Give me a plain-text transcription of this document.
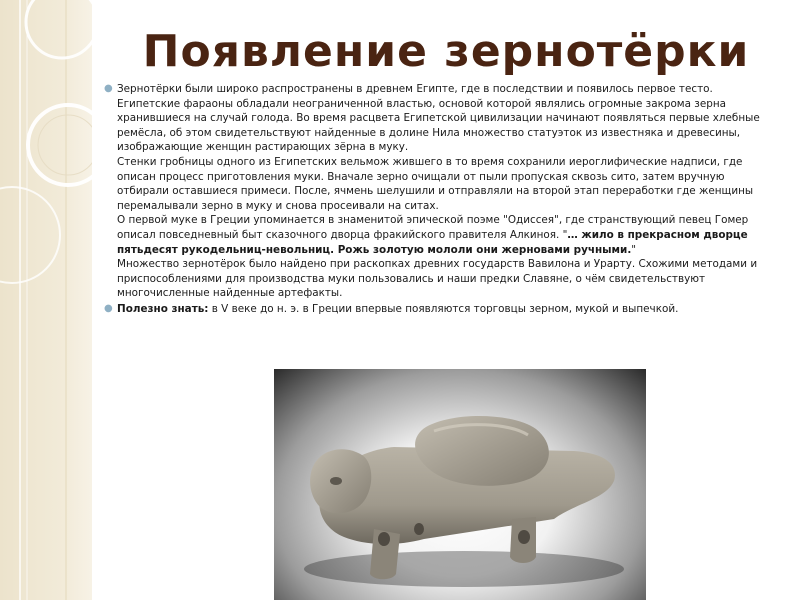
Появление зернотёрки
● Зернотёрки были широко распространены в древнем Египте, где в последствии и появилось первое тесто. Египетские фараоны обладали неограниченной властью, основой которой являлись огромные закрома зерна хранившиеся на случай голода. Во время расцвета Египетской цивилизации начинают появляться первые хлебные ремёсла, об этом свидетельствуют найденные в долине Нила множество статуэток из известняка и древесины, изображающие женщин растирающих зёрна в муку.
Стенки гробницы одного из Египетских вельмож жившего в то время сохранили иероглифические надписи, где описан процесс приготовления муки. Вначале зерно очищали от пыли пропуская сквозь сито, затем вручную отбирали оставшиеся примеси. После, ячмень шелушили и отправляли на второй этап переработки где женщины перемалывали зерно в муку и снова просеивали на ситах.
О первой муке в Греции упоминается в знаменитой эпической поэме "Одиссея", где странствующий певец Гомер описал повседневный быт сказочного дворца фракийского правителя Алкиноя. "… жило в прекрасном дворце пятьдесят рукодельниц-невольниц. Рожь золотую мололи они жерновами ручными."
Множество зернотёрок было найдено при раскопках древних государств Вавилона и Урарту. Схожими методами и приспособлениями для производства муки пользовались и наши предки Славяне, о чём свидетельствуют многочисленные найденные артефакты.
● Полезно знать: в V веке до н. э. в Греции впервые появляются торговцы зерном, мукой и выпечкой.
